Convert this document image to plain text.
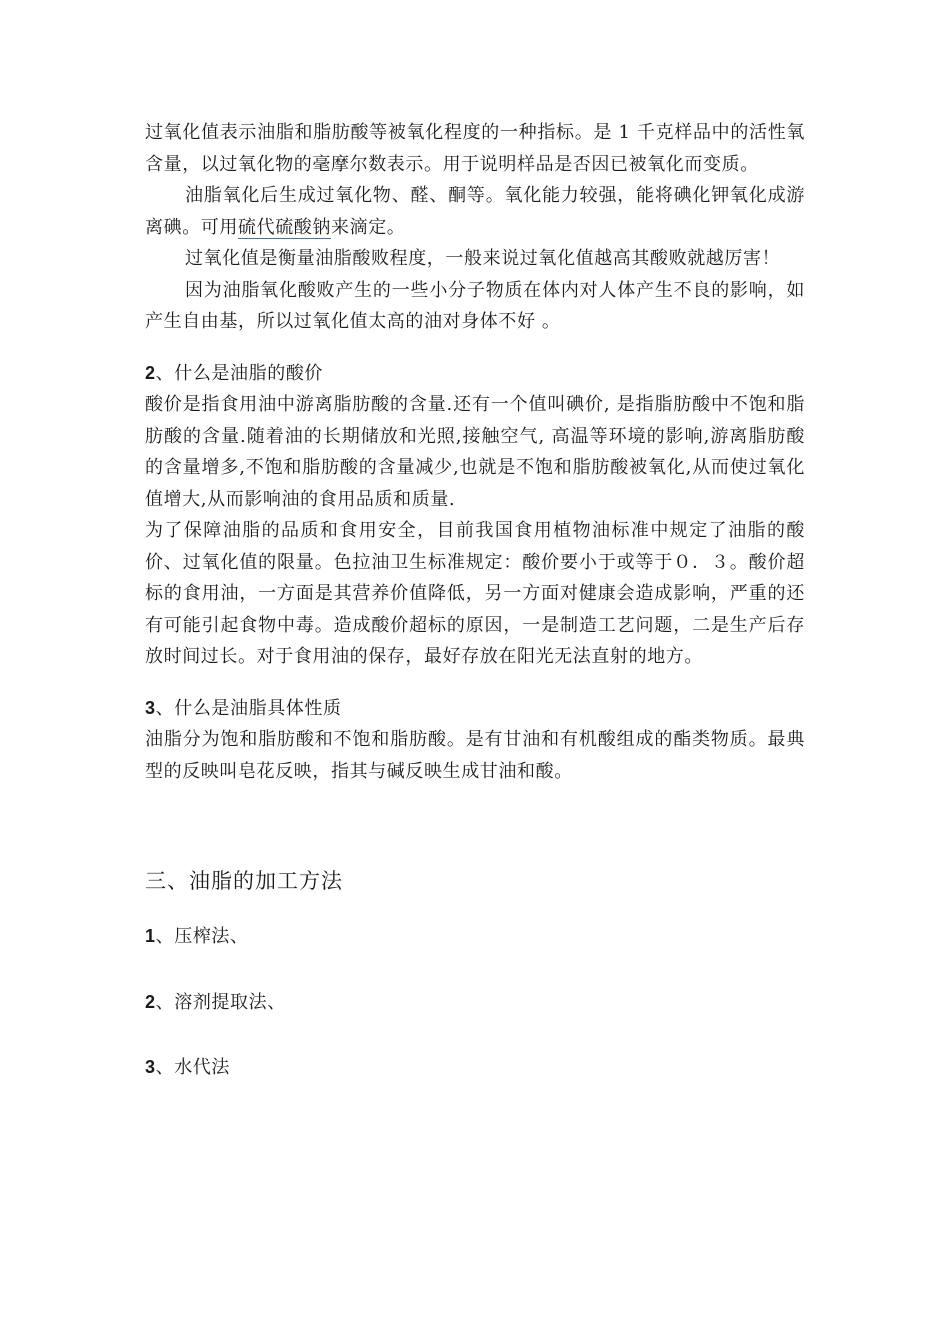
过氧化值表示油脂和脂肪酸等被氧化程度的一种指标。是 1 千克样品中的活性氧含量，以过氧化物的毫摩尔数表示。用于说明样品是否因已被氧化而变质。

油脂氧化后生成过氧化物、醛、酮等。氧化能力较强，能将碘化钾氧化成游离碘。可用硫代硫酸钠来滴定。

过氧化值是衡量油脂酸败程度，一般来说过氧化值越高其酸败就越厉害！

因为油脂氧化酸败产生的一些小分子物质在体内对人体产生不良的影响，如产生自由基，所以过氧化值太高的油对身体不好 。

2、什么是油脂的酸价

酸价是指食用油中游离脂肪酸的含量.还有一个值叫碘价, 是指脂肪酸中不饱和脂肪酸的含量.随着油的长期储放和光照,接触空气, 高温等环境的影响,游离脂肪酸的含量增多,不饱和脂肪酸的含量减少,也就是不饱和脂肪酸被氧化,从而使过氧化值增大,从而影响油的食用品质和质量.

为了保障油脂的品质和食用安全，目前我国食用植物油标准中规定了油脂的酸价、过氧化值的限量。色拉油卫生标准规定：酸价要小于或等于０．３。酸价超标的食用油，一方面是其营养价值降低，另一方面对健康会造成影响，严重的还有可能引起食物中毒。造成酸价超标的原因，一是制造工艺问题，二是生产后存放时间过长。对于食用油的保存，最好存放在阳光无法直射的地方。

3、什么是油脂具体性质

油脂分为饱和脂肪酸和不饱和脂肪酸。是有甘油和有机酸组成的酯类物质。最典型的反映叫皂花反映，指其与碱反映生成甘油和酸。

三、油脂的加工方法

1、压榨法、

2、溶剂提取法、

3、水代法
